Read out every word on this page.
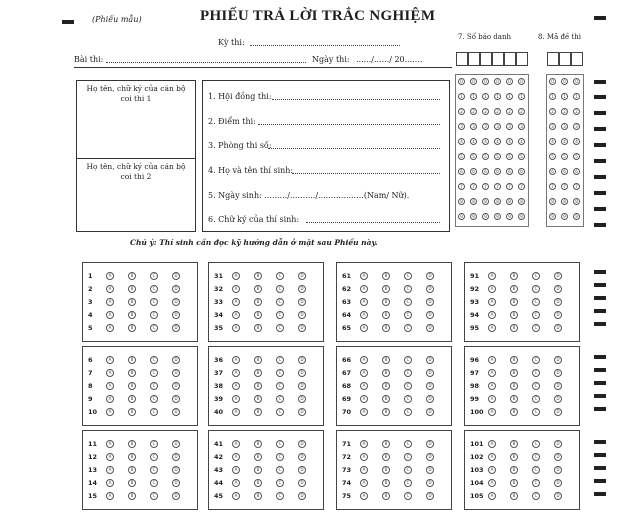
(Phiếu mẫu)	PHIẾU TRẢ LỜI TRẮC NGHIỆM
Kỳ thi:
Bài thi:	Ngày thi: ....../....../ 20.......
7. Số báo danh	8. Mã đề thi
0	0	0	0	0	0
1	1	1	1	1	1
2	2	2	2	2	2
3	3	3	3	3	3
4	4	4	4	4	4
5	5	5	5	5	5
6	6	6	6	6	6
7	7	7	7	7	7
8	8	8	8	8	8
9	9	9	9	9	9
0	0	0
1	1	1
2	2	2
3	3	3
4	4	4
5	5	5
6	6	6
7	7	7
8	8	8
9	9	9
Họ tên, chữ ký của cán bộ coi thi 1
Họ tên, chữ ký của cán bộ coi thi 2
1. Hội đồng thi:
2. Điểm thi:
3. Phòng thi số:
4. Họ và tên thí sinh:
5. Ngày sinh: ........./........../..................(Nam/ Nữ).
6. Chữ ký của thí sinh:
Chú ý: Thí sinh cần đọc kỹ hướng dẫn ở mặt sau Phiếu này.
1	A	B	C	D
2	A	B	C	D
3	A	B	C	D
4	A	B	C	D
5	A	B	C	D
6	A	B	C	D
7	A	B	C	D
8	A	B	C	D
9	A	B	C	D
10	A	B	C	D
11	A	B	C	D
12	A	B	C	D
13	A	B	C	D
14	A	B	C	D
15	A	B	C	D
31	A	B	C	D
32	A	B	C	D
33	A	B	C	D
34	A	B	C	D
35	A	B	C	D
36	A	B	C	D
37	A	B	C	D
38	A	B	C	D
39	A	B	C	D
40	A	B	C	D
41	A	B	C	D
42	A	B	C	D
43	A	B	C	D
44	A	B	C	D
45	A	B	C	D
61	A	B	C	D
62	A	B	C	D
63	A	B	C	D
64	A	B	C	D
65	A	B	C	D
66	A	B	C	D
67	A	B	C	D
68	A	B	C	D
69	A	B	C	D
70	A	B	C	D
71	A	B	C	D
72	A	B	C	D
73	A	B	C	D
74	A	B	C	D
75	A	B	C	D
91	A	B	C	D
92	A	B	C	D
93	A	B	C	D
94	A	B	C	D
95	A	B	C	D
96	A	B	C	D
97	A	B	C	D
98	A	B	C	D
99	A	B	C	D
100	A	B	C	D
101	A	B	C	D
102	A	B	C	D
103	A	B	C	D
104	A	B	C	D
105	A	B	C	D
